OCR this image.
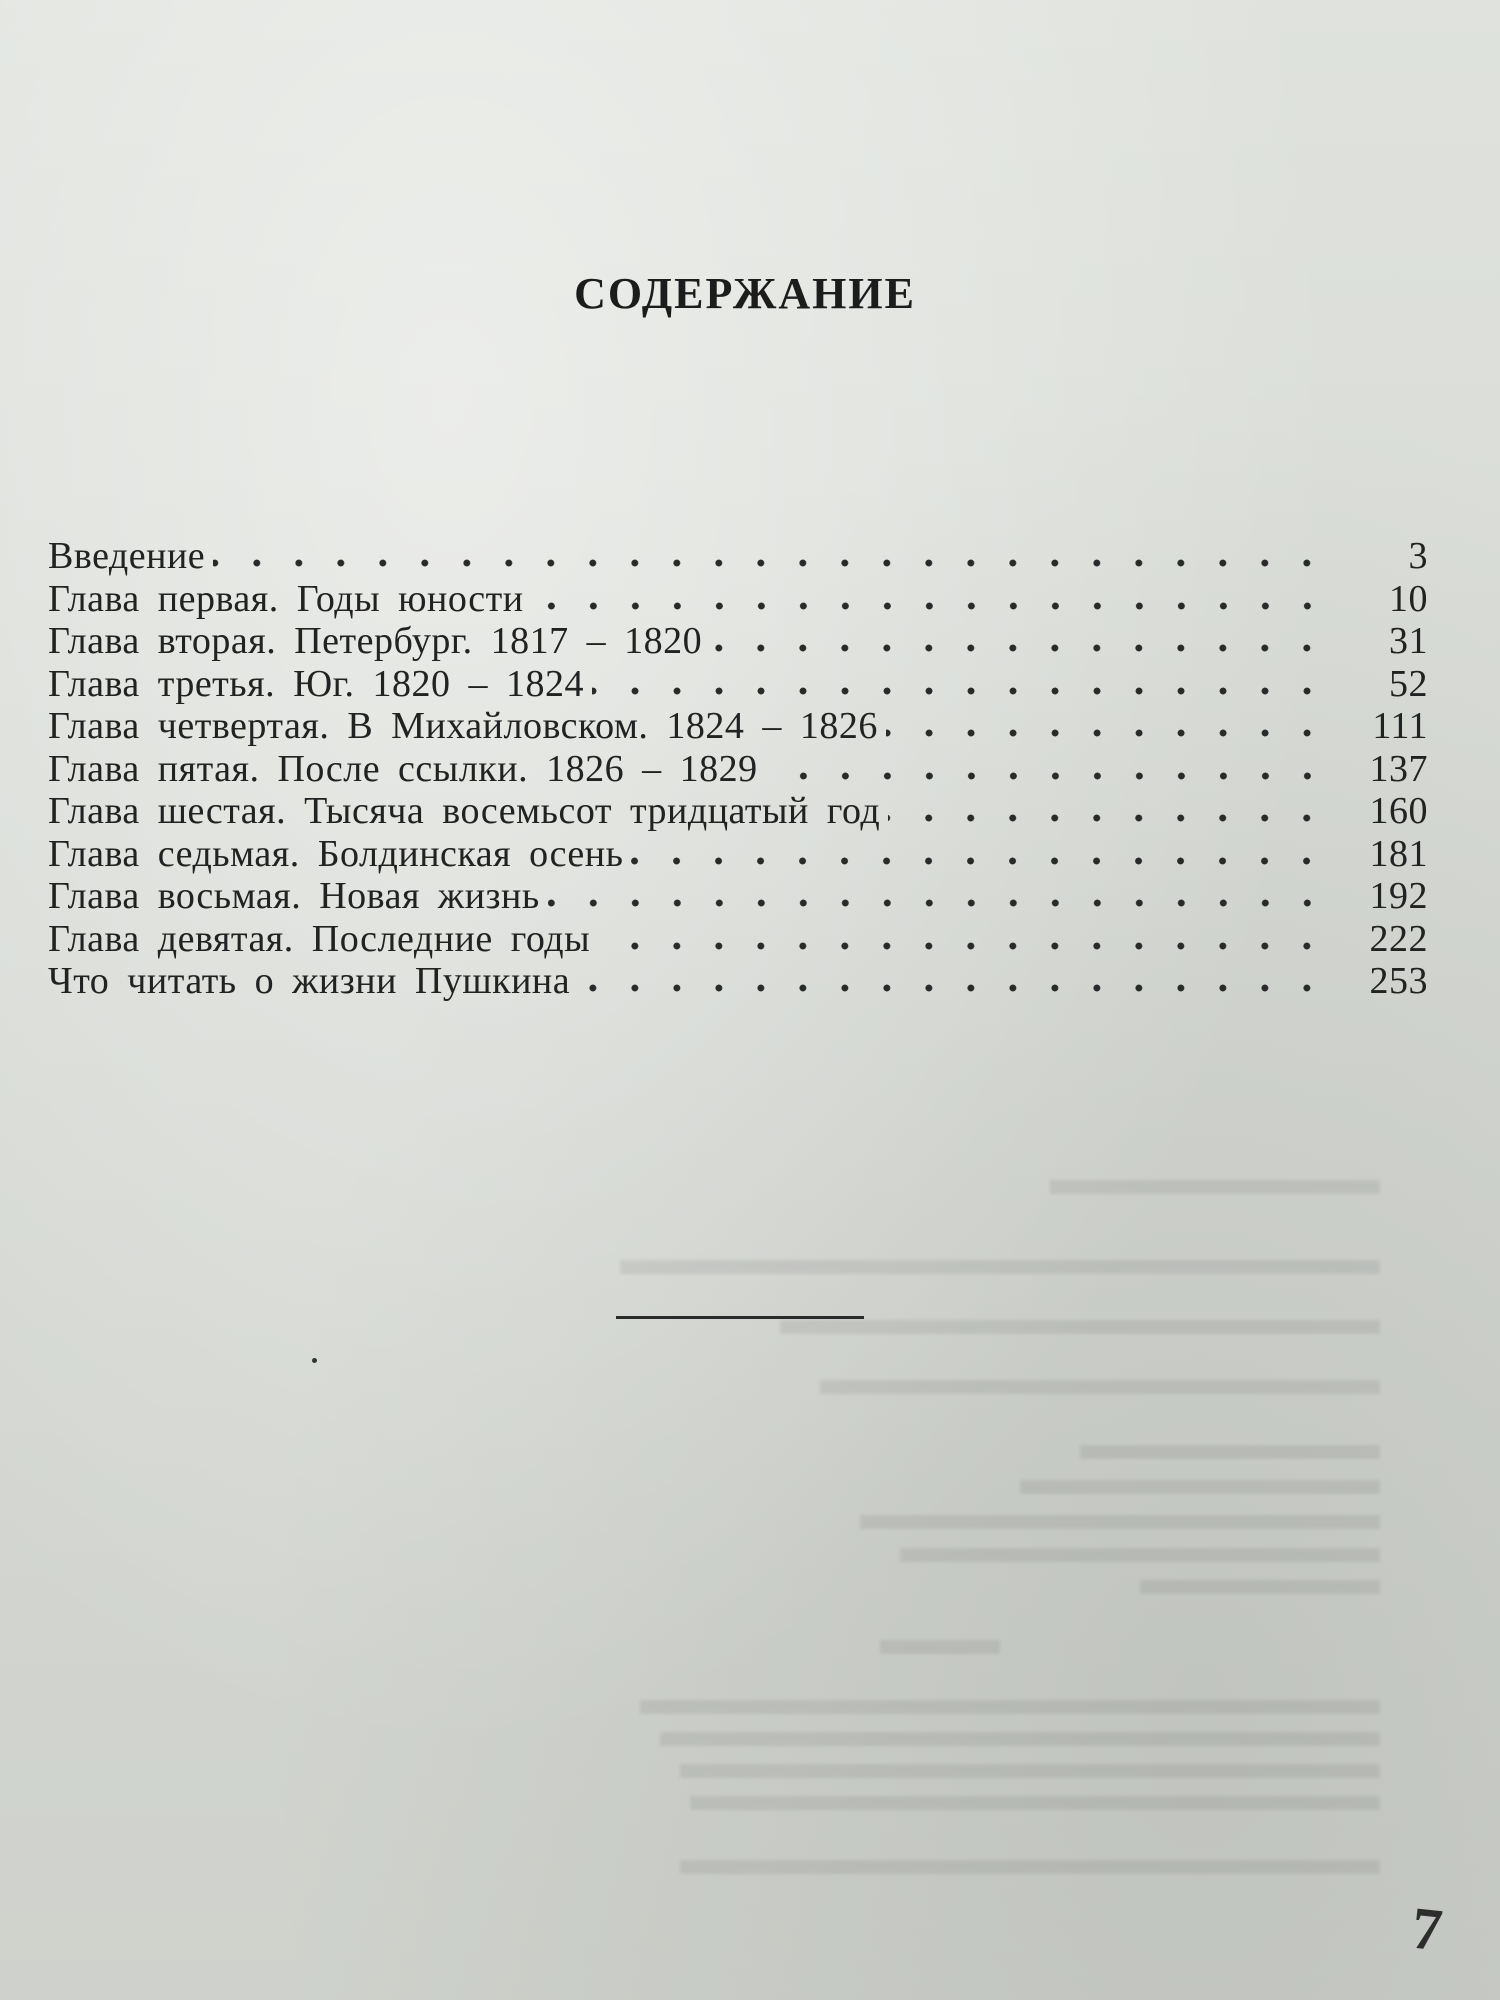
СОДЕРЖАНИЕ
Введение	3
Глава первая. Годы юности	10
Глава вторая. Петербург. 1817 – 1820	31
Глава третья. Юг. 1820 – 1824	52
Глава четвертая. В Михайловском. 1824 – 1826	111
Глава пятая. После ссылки. 1826 – 1829	137
Глава шестая. Тысяча восемьсот тридцатый год	160
Глава седьмая. Болдинская осень	181
Глава восьмая. Новая жизнь	192
Глава девятая. Последние годы	222
Что читать о жизни Пушкина	253
7
